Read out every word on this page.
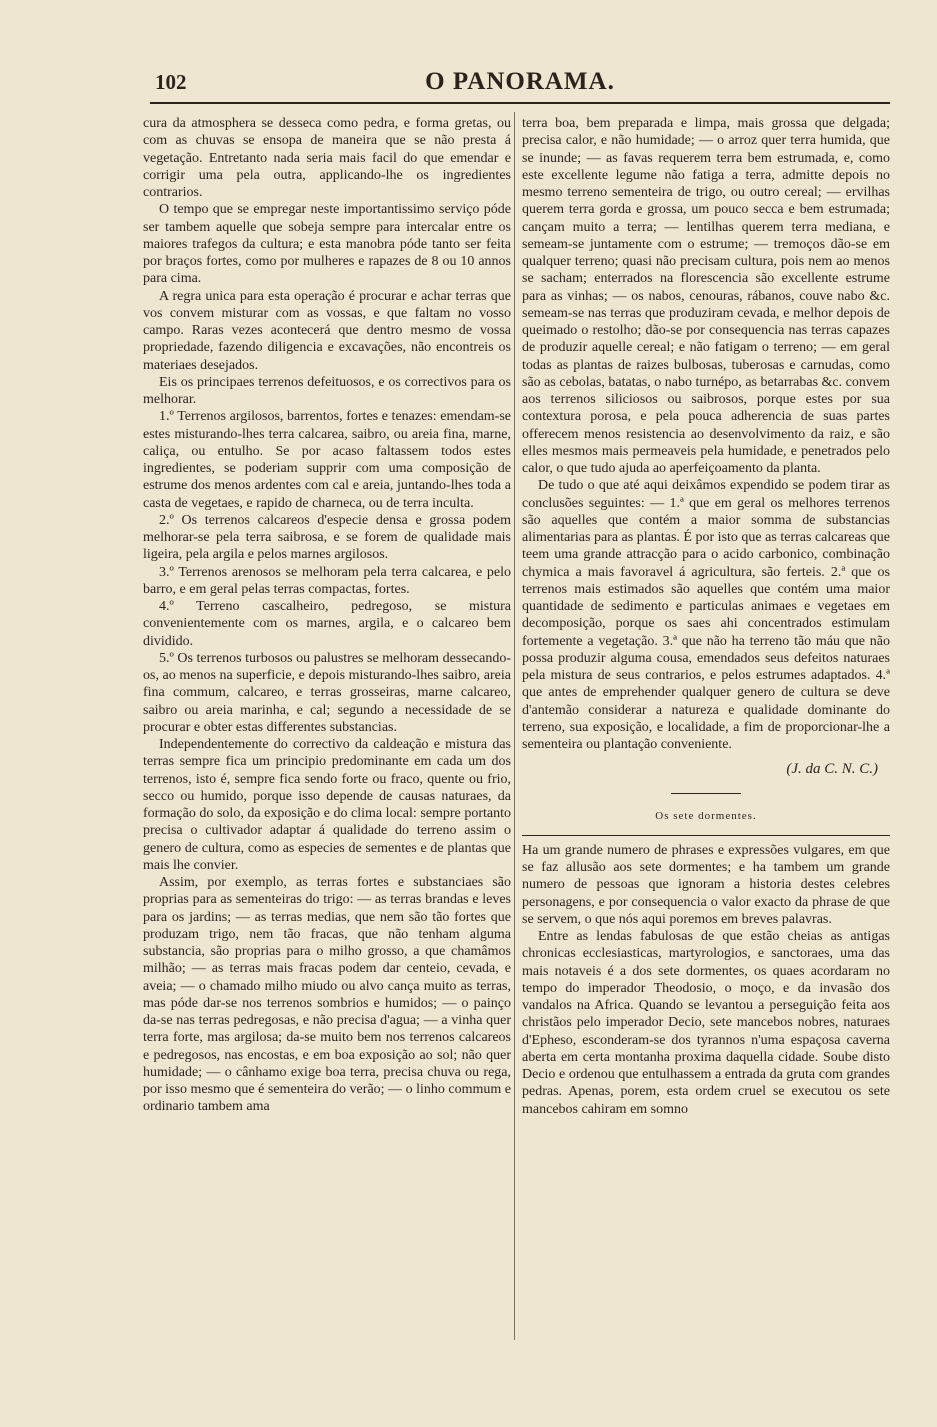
102	O PANORAMA.

cura da atmosphera se desseca como pedra, e forma gretas, ou com as chuvas se ensopa de maneira que se não presta á vegetação. Entretanto nada seria mais facil do que emendar e corrigir uma pela outra, applicando-lhe os ingredientes contrarios.

O tempo que se empregar neste importantissimo serviço póde ser tambem aquelle que sobeja sempre para intercalar entre os maiores trafegos da cultura; e esta manobra póde tanto ser feita por braços fortes, como por mulheres e rapazes de 8 ou 10 annos para cima.

A regra unica para esta operação é procurar e achar terras que vos convem misturar com as vossas, e que faltam no vosso campo. Raras vezes acontecerá que dentro mesmo de vossa propriedade, fazendo diligencia e excavações, não encontreis os materiaes desejados.

Eis os principaes terrenos defeituosos, e os correctivos para os melhorar.

1.º Terrenos argilosos, barrentos, fortes e tenazes: emendam-se estes misturando-lhes terra calcarea, saibro, ou areia fina, marne, caliça, ou entulho. Se por acaso faltassem todos estes ingredientes, se poderiam supprir com uma composição de estrume dos menos ardentes com cal e areia, juntando-lhes toda a casta de vegetaes, e rapido de charneca, ou de terra inculta.

2.º Os terrenos calcareos d'especie densa e grossa podem melhorar-se pela terra saibrosa, e se forem de qualidade mais ligeira, pela argila e pelos marnes argilosos.

3.º Terrenos arenosos se melhoram pela terra calcarea, e pelo barro, e em geral pelas terras compactas, fortes.

4.º Terreno cascalheiro, pedregoso, se mistura convenientemente com os marnes, argila, e o calcareo bem dividido.

5.º Os terrenos turbosos ou palustres se melhoram dessecando-os, ao menos na superficie, e depois misturando-lhes saibro, areia fina commum, calcareo, e terras grosseiras, marne calcareo, saibro ou areia marinha, e cal; segundo a necessidade de se procurar e obter estas differentes substancias.

Independentemente do correctivo da caldeação e mistura das terras sempre fica um principio predominante em cada um dos terrenos, isto é, sempre fica sendo forte ou fraco, quente ou frio, secco ou humido, porque isso depende de causas naturaes, da formação do solo, da exposição e do clima local: sempre portanto precisa o cultivador adaptar á qualidade do terreno assim o genero de cultura, como as especies de sementes e de plantas que mais lhe convier.

Assim, por exemplo, as terras fortes e substanciaes são proprias para as sementeiras do trigo: — as terras brandas e leves para os jardins; — as terras medias, que nem são tão fortes que produzam trigo, nem tão fracas, que não tenham alguma substancia, são proprias para o milho grosso, a que chamâmos milhão; — as terras mais fracas podem dar centeio, cevada, e aveia; — o chamado milho miudo ou alvo cança muito as terras, mas póde dar-se nos terrenos sombrios e humidos; — o painço da-se nas terras pedregosas, e não precisa d'agua; — a vinha quer terra forte, mas argilosa; da-se muito bem nos terrenos calcareos e pedregosos, nas encostas, e em boa exposição ao sol; não quer humidade; — o cânhamo exige boa terra, precisa chuva ou rega, por isso mesmo que é sementeira do verão; — o linho commum e ordinario tambem ama

terra boa, bem preparada e limpa, mais grossa que delgada; precisa calor, e não humidade; — o arroz quer terra humida, que se inunde; — as favas requerem terra bem estrumada, e, como este excellente legume não fatiga a terra, admitte depois no mesmo terreno sementeira de trigo, ou outro cereal; — ervilhas querem terra gorda e grossa, um pouco secca e bem estrumada; cançam muito a terra; — lentilhas querem terra mediana, e semeam-se juntamente com o estrume; — tremoços dão-se em qualquer terreno; quasi não precisam cultura, pois nem ao menos se sacham; enterrados na florescencia são excellente estrume para as vinhas; — os nabos, cenouras, rábanos, couve nabo &c. semeam-se nas terras que produziram cevada, e melhor depois de queimado o restolho; dão-se por consequencia nas terras capazes de produzir aquelle cereal; e não fatigam o terreno; — em geral todas as plantas de raizes bulbosas, tuberosas e carnudas, como são as cebolas, batatas, o nabo turnépo, as betarrabas &c. convem aos terrenos siliciosos ou saibrosos, porque estes por sua contextura porosa, e pela pouca adherencia de suas partes offerecem menos resistencia ao desenvolvimento da raiz, e são elles mesmos mais permeaveis pela humidade, e penetrados pelo calor, o que tudo ajuda ao aperfeiçoamento da planta.

De tudo o que até aqui deixâmos expendido se podem tirar as conclusões seguintes: — 1.ª que em geral os melhores terrenos são aquelles que contém a maior somma de substancias alimentarias para as plantas. É por isto que as terras calcareas que teem uma grande attracção para o acido carbonico, combinação chymica a mais favoravel á agricultura, são ferteis. 2.ª que os terrenos mais estimados são aquelles que contém uma maior quantidade de sedimento e particulas animaes e vegetaes em decomposição, porque os saes ahi concentrados estimulam fortemente a vegetação. 3.ª que não ha terreno tão máu que não possa produzir alguma cousa, emendados seus defeitos naturaes pela mistura de seus contrarios, e pelos estrumes adaptados. 4.ª que antes de emprehender qualquer genero de cultura se deve d'antemão considerar a natureza e qualidade dominante do terreno, sua exposição, e localidade, a fim de proporcionar-lhe a sementeira ou plantação conveniente.

(J. da C. N. C.)
Os sete dormentes.

Ha um grande numero de phrases e expressões vulgares, em que se faz allusão aos sete dormentes; e ha tambem um grande numero de pessoas que ignoram a historia destes celebres personagens, e por consequencia o valor exacto da phrase de que se servem, o que nós aqui poremos em breves palavras.

Entre as lendas fabulosas de que estão cheias as antigas chronicas ecclesiasticas, martyrologios, e sanctoraes, uma das mais notaveis é a dos sete dormentes, os quaes acordaram no tempo do imperador Theodosio, o moço, e da invasão dos vandalos na Africa. Quando se levantou a perseguição feita aos christãos pelo imperador Decio, sete mancebos nobres, naturaes d'Epheso, esconderam-se dos tyrannos n'uma espaçosa caverna aberta em certa montanha proxima daquella cidade. Soube disto Decio e ordenou que entulhassem a entrada da gruta com grandes pedras. Apenas, porem, esta ordem cruel se executou os sete mancebos cahiram em somno
